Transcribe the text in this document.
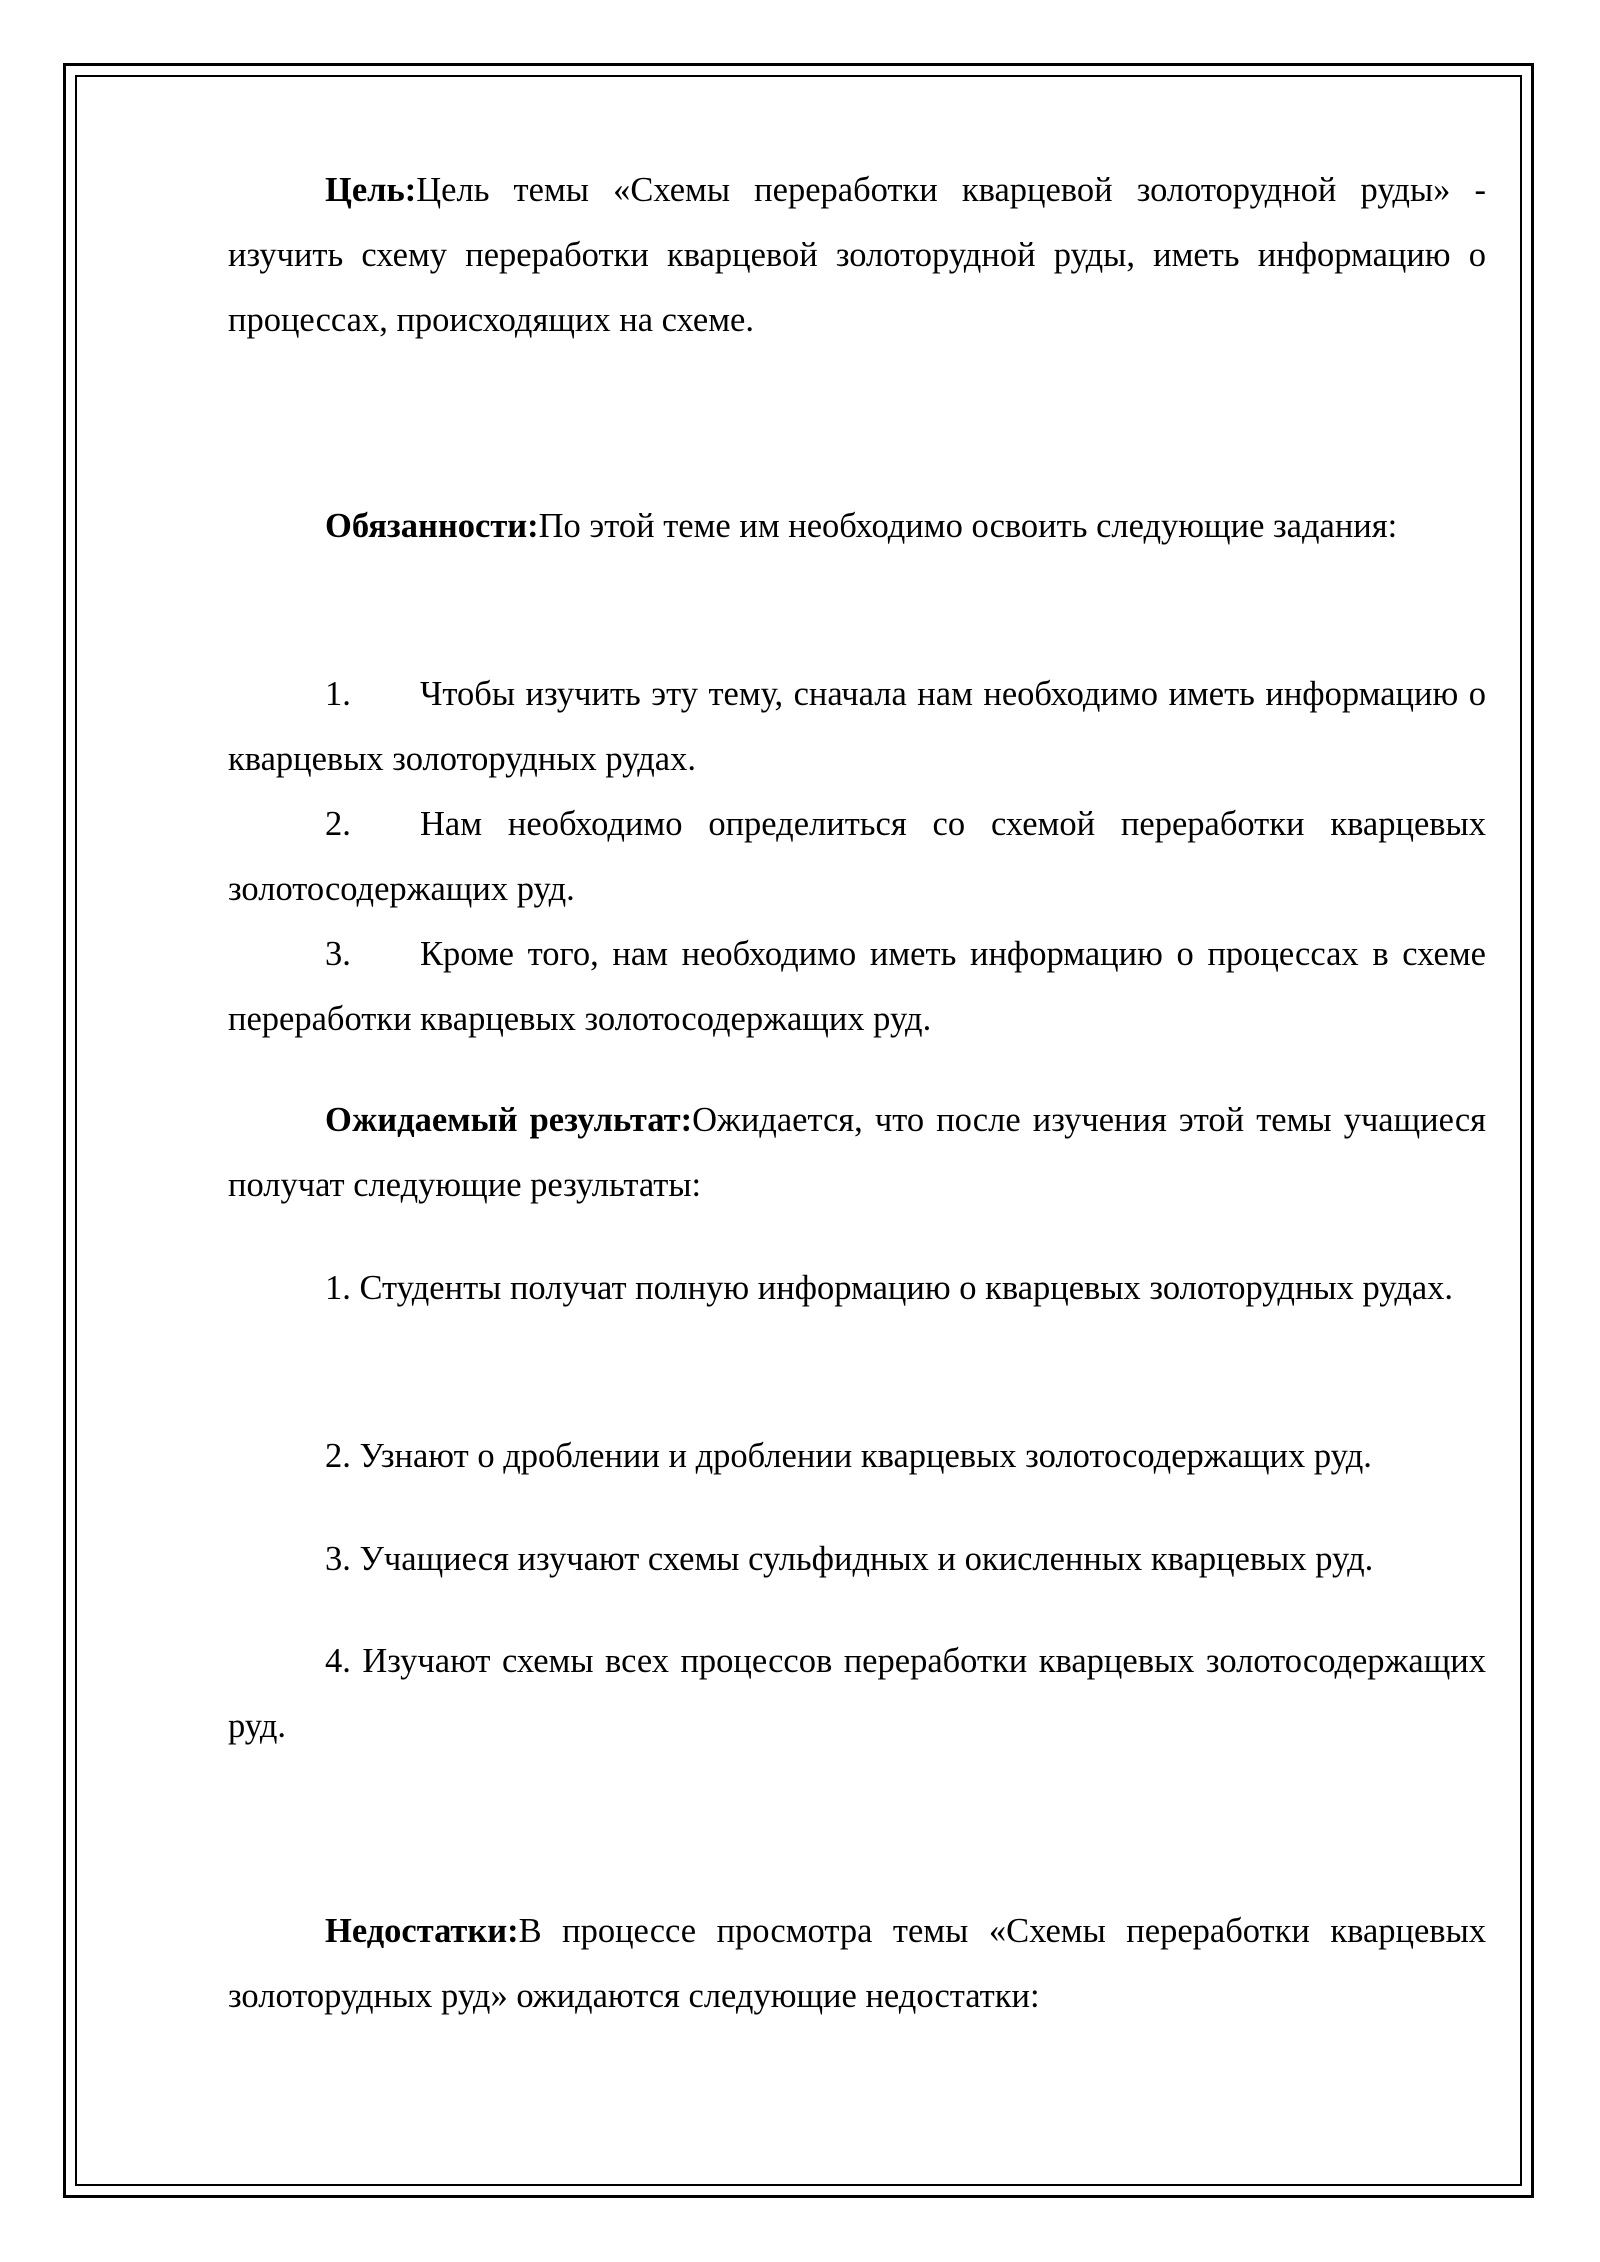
Цель:Цель темы «Схемы переработки кварцевой золоторудной руды» - изучить схему переработки кварцевой золоторудной руды, иметь информацию о процессах, происходящих на схеме.

Обязанности:По этой теме им необходимо освоить следующие задания:

1. Чтобы изучить эту тему, сначала нам необходимо иметь информацию о кварцевых золоторудных рудах.

2. Нам необходимо определиться со схемой переработки кварцевых золотосодержащих руд.

3. Кроме того, нам необходимо иметь информацию о процессах в схеме переработки кварцевых золотосодержащих руд.

Ожидаемый результат:Ожидается, что после изучения этой темы учащиеся получат следующие результаты:

1. Студенты получат полную информацию о кварцевых золоторудных рудах.

2. Узнают о дроблении и дроблении кварцевых золотосодержащих руд.

3. Учащиеся изучают схемы сульфидных и окисленных кварцевых руд.

4. Изучают схемы всех процессов переработки кварцевых золотосодержащих руд.

Недостатки:В процессе просмотра темы «Схемы переработки кварцевых золоторудных руд» ожидаются следующие недостатки:
